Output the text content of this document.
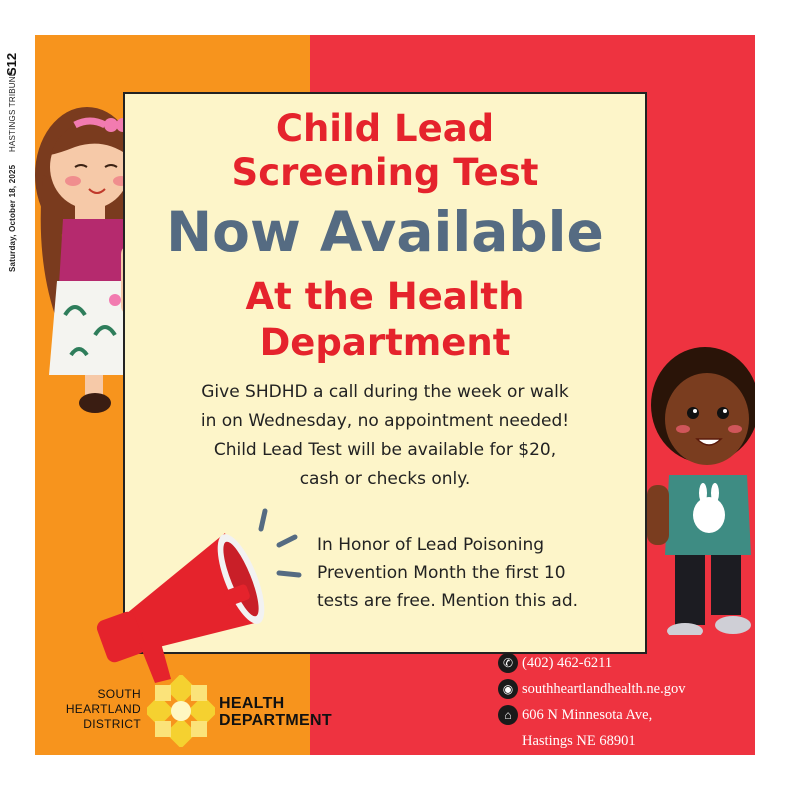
S12
Saturday, October 18, 2025
HASTINGS TRIBUNE	Child Lead
Screening Test
Now Available
At the Health
Department
Give SHDHD a call during the week or walk
in on Wednesday, no appointment needed!
Child Lead Test will be available for $20,
cash or checks only.
In Honor of Lead Poisoning
Prevention Month the first 10
tests are free. Mention this ad.
SOUTH
HEARTLAND
DISTRICT
HEALTH
DEPARTMENT
✆ (402) 462-6211
◉ southheartlandhealth.ne.gov
⌂ 606 N Minnesota Ave,
Hastings NE 68901
